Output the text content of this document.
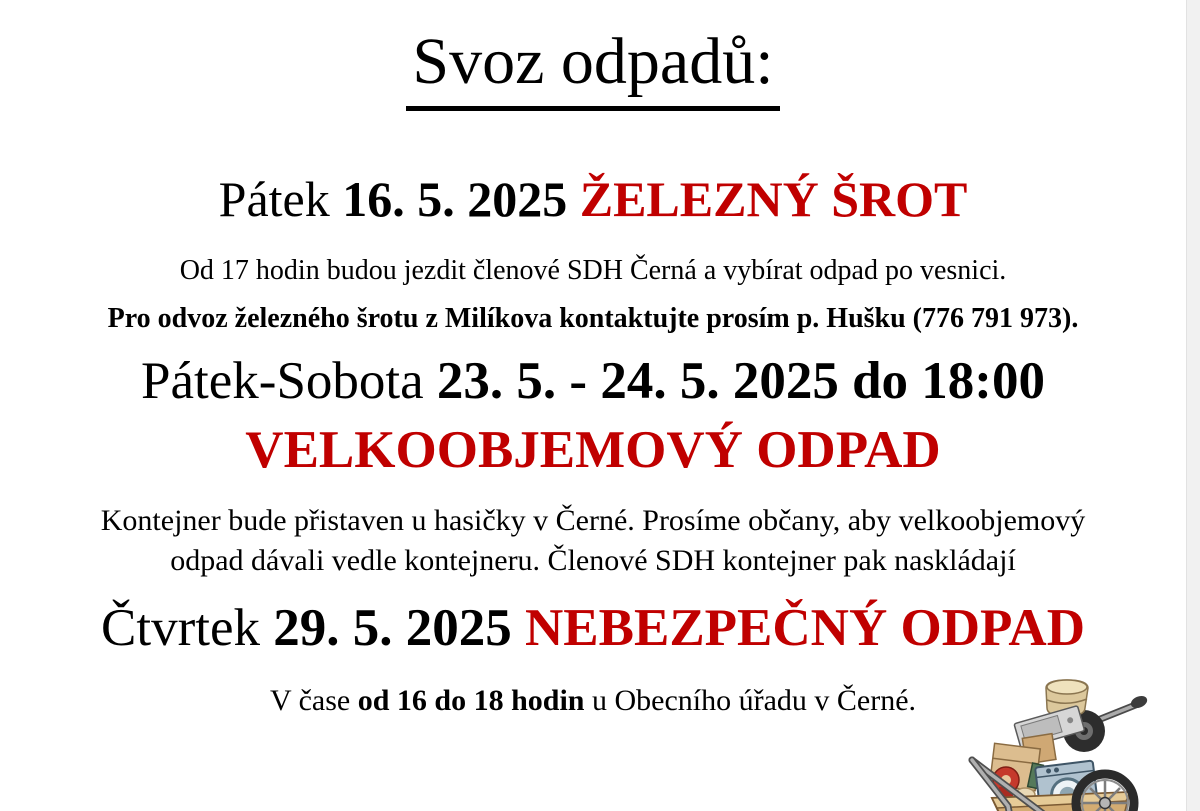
Svoz odpadů:
Pátek 16. 5. 2025 ŽELEZNÝ ŠROT
Od 17 hodin budou jezdit členové SDH Černá a vybírat odpad po vesnici.
Pro odvoz železného šrotu z Milíkova kontaktujte prosím p. Hušku (776 791 973).
Pátek-Sobota 23. 5. - 24. 5. 2025 do 18:00
VELKOOBJEMOVÝ ODPAD
Kontejner bude přistaven u hasičky v Černé. Prosíme občany, aby velkoobjemový
odpad dávali vedle kontejneru. Členové SDH kontejner pak naskládají
Čtvrtek 29. 5. 2025 NEBEZPEČNÝ ODPAD
V čase od 16 do 18 hodin u Obecního úřadu v Černé.
